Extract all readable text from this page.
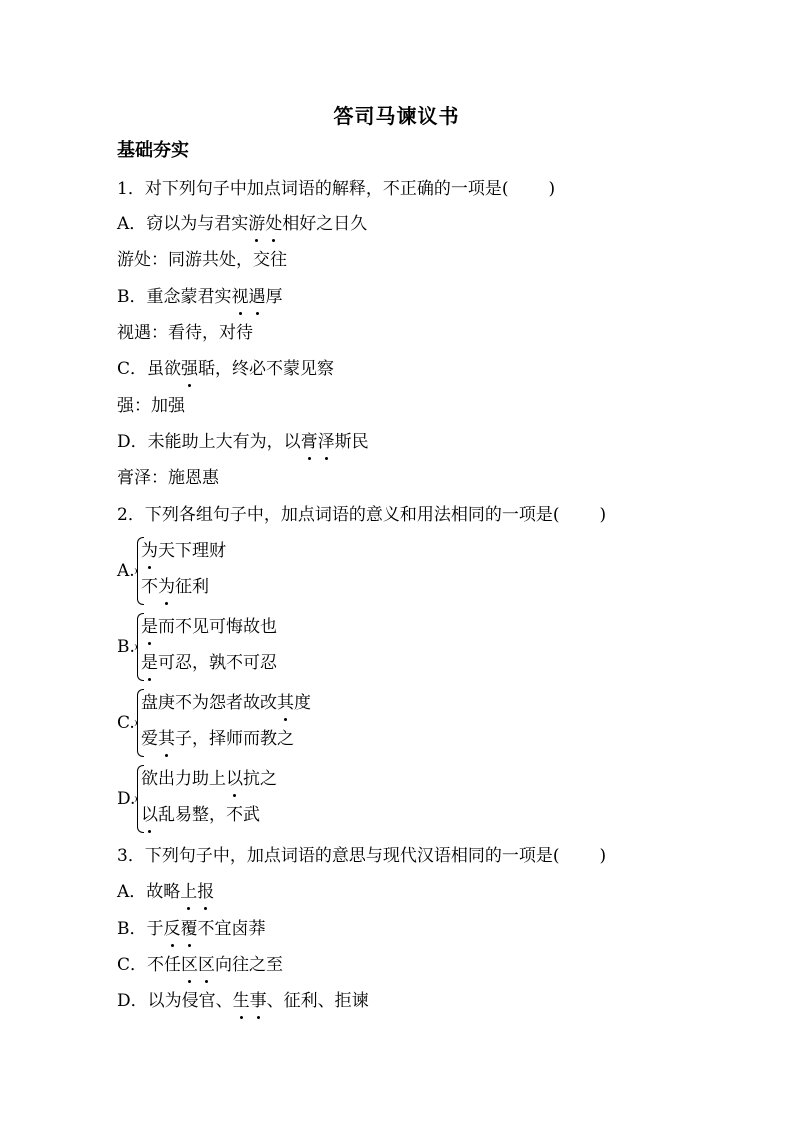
答司马谏议书
基础夯实
1．对下列句子中加点词语的解释，不正确的一项是( )
A．窃以为与君实游处相好之日久
游处：同游共处，交往
B．重念蒙君实视遇厚
视遇：看待，对待
C．虽欲强聒，终必不蒙见察
强：加强
D．未能助上大有为，以膏泽斯民
膏泽：施恩惠
2．下列各组句子中，加点词语的意义和用法相同的一项是( )
A.
为天下理财
不为征利
B.
是而不见可悔故也
是可忍，孰不可忍
C.
盘庚不为怨者故改其度
爱其子，择师而教之
D.
欲出力助上以抗之
以乱易整，不武
3．下列句子中，加点词语的意思与现代汉语相同的一项是( )
A．故略上报
B．于反覆不宜卤莽
C．不任区区向往之至
D．以为侵官、生事、征利、拒谏
